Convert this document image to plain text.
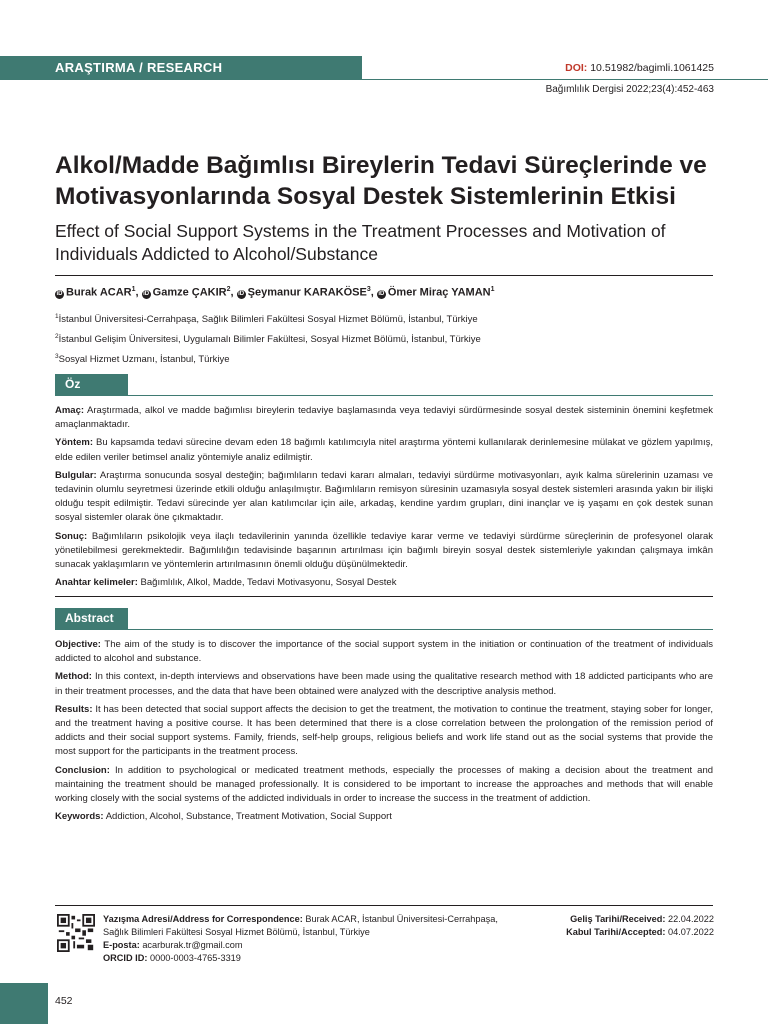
ARAŞTIRMA / RESEARCH	DOI: 10.51982/bagimli.1061425
Bağımlılık Dergisi 2022;23(4):452-463
Alkol/Madde Bağımlısı Bireylerin Tedavi Süreçlerinde ve
Motivasyonlarında Sosyal Destek Sistemlerinin Etkisi
Effect of Social Support Systems in the Treatment Processes and Motivation of
Individuals Addicted to Alcohol/Substance
iD Burak ACAR$^1$, iD Gamze ÇAKIR$^2$, iD Şeymanur KARAKÖSE$^3$, iD Ömer Miraç YAMAN$^1$
$^1$İstanbul Üniversitesi-Cerrahpaşa, Sağlık Bilimleri Fakültesi Sosyal Hizmet Bölümü, İstanbul, Türkiye
$^2$İstanbul Gelişim Üniversitesi, Uygulamalı Bilimler Fakültesi, Sosyal Hizmet Bölümü, İstanbul, Türkiye
$^3$Sosyal Hizmet Uzmanı, İstanbul, Türkiye
Öz

Amaç: Araştırmada, alkol ve madde bağımlısı bireylerin tedaviye başlamasında veya tedaviyi sürdürmesinde sosyal destek sisteminin önemini keşfetmek amaçlanmaktadır.

Yöntem: Bu kapsamda tedavi sürecine devam eden 18 bağımlı katılımcıyla nitel araştırma yöntemi kullanılarak derinlemesine mülakat ve gözlem yapılmış, elde edilen veriler betimsel analiz yöntemiyle analiz edilmiştir.

Bulgular: Araştırma sonucunda sosyal desteğin; bağımlıların tedavi kararı almaları, tedaviyi sürdürme motivasyonları, ayık kalma sürelerinin uzaması ve tedavinin olumlu seyretmesi üzerinde etkili olduğu anlaşılmıştır. Bağımlıların remisyon süresinin uzamasıyla sosyal destek sistemleri arasında yakın bir ilişki olduğu tespit edilmiştir. Tedavi sürecinde yer alan katılımcılar için aile, arkadaş, kendine yardım grupları, dini inançlar ve iş yaşamı en çok destek sunan sosyal sistemler olarak öne çıkmaktadır.

Sonuç: Bağımlıların psikolojik veya ilaçlı tedavilerinin yanında özellikle tedaviye karar verme ve tedaviyi sürdürme süreçlerinin de profesyonel olarak yönetilebilmesi gerekmektedir. Bağımlılığın tedavisinde başarının artırılması için bağımlı bireyin sosyal destek sistemleriyle yakından çalışmaya imkân sunacak yaklaşımların ve yöntemlerin artırılmasının önemli olduğu düşünülmektedir.

Anahtar kelimeler: Bağımlılık, Alkol, Madde, Tedavi Motivasyonu, Sosyal Destek

Abstract

Objective: The aim of the study is to discover the importance of the social support system in the initiation or continuation of the treatment of individuals addicted to alcohol and substance.

Method: In this context, in-depth interviews and observations have been made using the qualitative research method with 18 addicted participants who are in their treatment processes, and the data that have been obtained were analyzed with the descriptive analysis method.

Results: It has been detected that social support affects the decision to get the treatment, the motivation to continue the treatment, staying sober for longer, and the treatment having a positive course. It has been determined that there is a close correlation between the prolongation of the remission period of addicts and their social support systems. Family, friends, self-help groups, religious beliefs and work life stand out as the social systems that provide the most support for the participants in the treatment process.

Conclusion: In addition to psychological or medicated treatment methods, especially the processes of making a decision about the treatment and maintaining the treatment should be managed professionally. It is considered to be important to increase the approaches and methods that will enable working closely with the social systems of the addicted individuals in order to increase the success in the treatment of addiction.

Keywords: Addiction, Alcohol, Substance, Treatment Motivation, Social Support

Yazışma Adresi/Address for Correspondence: Burak ACAR, İstanbul Üniversitesi-Cerrahpaşa,
Sağlık Bilimleri Fakültesi Sosyal Hizmet Bölümü, İstanbul, Türkiye
E-posta: acarburak.tr@gmail.com
ORCID ID: 0000-0003-4765-3319
Geliş Tarihi/Received: 22.04.2022
Kabul Tarihi/Accepted: 04.07.2022
452
